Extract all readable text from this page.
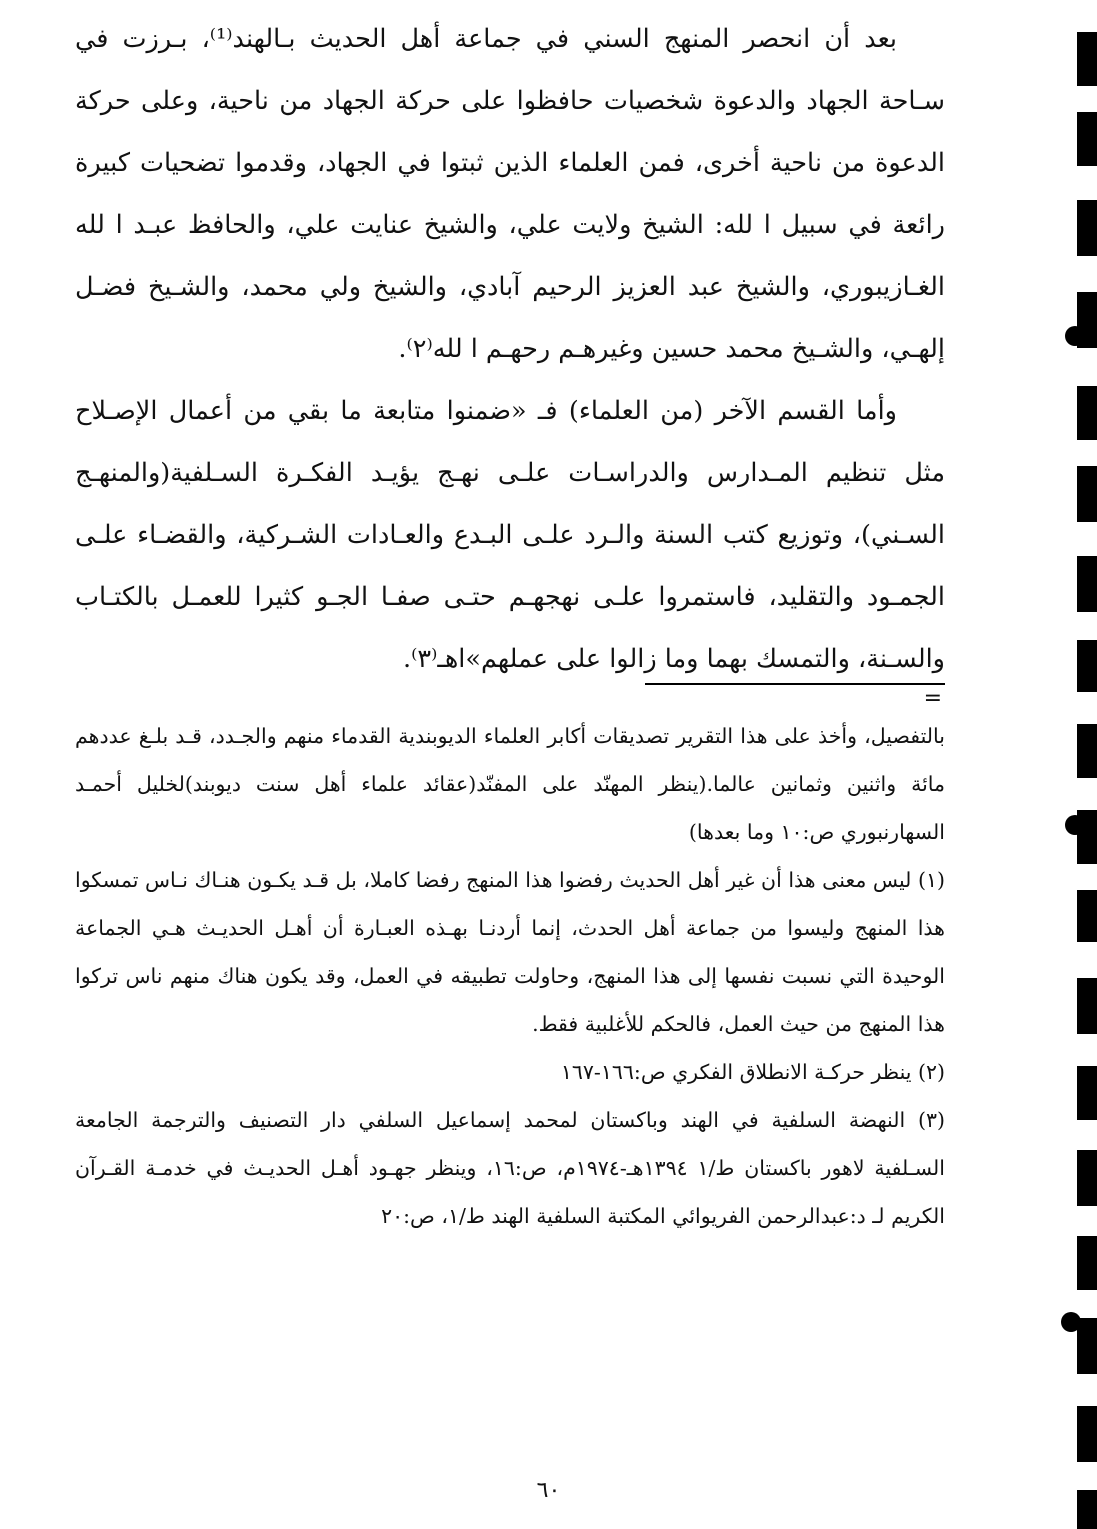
بعد أن انحصر المنهج السني في جماعة أهل الحديث بـالهند⁽¹⁾، بـرزت في سـاحة الجهاد والدعوة شخصيات حافظوا على حركة الجهاد من ناحية، وعلى حركة الدعوة من ناحية أخرى، فمن العلماء الذين ثبتوا في الجهاد، وقدموا تضحيات كبيرة رائعة في سبيل ا لله: الشيخ ولايت علي، والشيخ عنايت علي، والحافظ عبـد ا لله الغـازيبوري، والشيخ عبد العزيز الرحيم آبادي، والشيخ ولي محمد، والشـيخ فضـل إلهـي، والشـيخ محمد حسين وغيرهـم رحهـم ا لله⁽٢⁾.

وأما القسم الآخر (من العلماء) فـ «ضمنوا متابعة ما بقي من أعمال الإصـلاح مثل تنظيم المـدارس والدراسـات علـى نهـج يؤيـد الفكـرة السـلفية(والمنهـج السـني)، وتوزيع كتب السنة والـرد علـى البـدع والعـادات الشـركية، والقضـاء علـى الجمـود والتقليد، فاستمروا علـى نهجهـم حتـى صفـا الجـو كثيرا للعمـل بالكتـاب والسـنة، والتمسك بهما وما زالوا على عملهم»اهـ⁽٣⁾.

=

بالتفصيل، وأخذ على هذا التقرير تصديقات أكابر العلماء الديوبندية القدماء منهم والجـدد، قـد بلـغ عددهم مائة واثنين وثمانين عالما.(ينظر المهنّد على المفنّد(عقائد علماء أهل سنت ديوبند)لخليل أحمـد السهارنبوري ص:١٠ وما بعدها)

(١) ليس معنى هذا أن غير أهل الحديث رفضوا هذا المنهج رفضا كاملا، بل قـد يكـون هنـاك نـاس تمسكوا هذا المنهج وليسوا من جماعة أهل الحدث، إنما أردنـا بهـذه العبـارة أن أهـل الحديـث هـي الجماعة الوحيدة التي نسبت نفسها إلى هذا المنهج، وحاولت تطبيقه في العمل، وقد يكون هناك منهم ناس تركوا هذا المنهج من حيث العمل، فالحكم للأغلبية فقط.

(٢) ينظر حركـة الانطلاق الفكري ص:١٦٦-١٦٧

(٣) النهضة السلفية في الهند وباكستان لمحمد إسماعيل السلفي دار التصنيف والترجمة الجامعة السـلفية لاهور باكستان ط/١ ١٣٩٤هـ-١٩٧٤م، ص:١٦، وينظر جهـود أهـل الحديـث في خدمـة القـرآن الكريم لـ د:عبدالرحمن الفريوائي المكتبة السلفية الهند ط/١، ص:٢٠

٦٠
